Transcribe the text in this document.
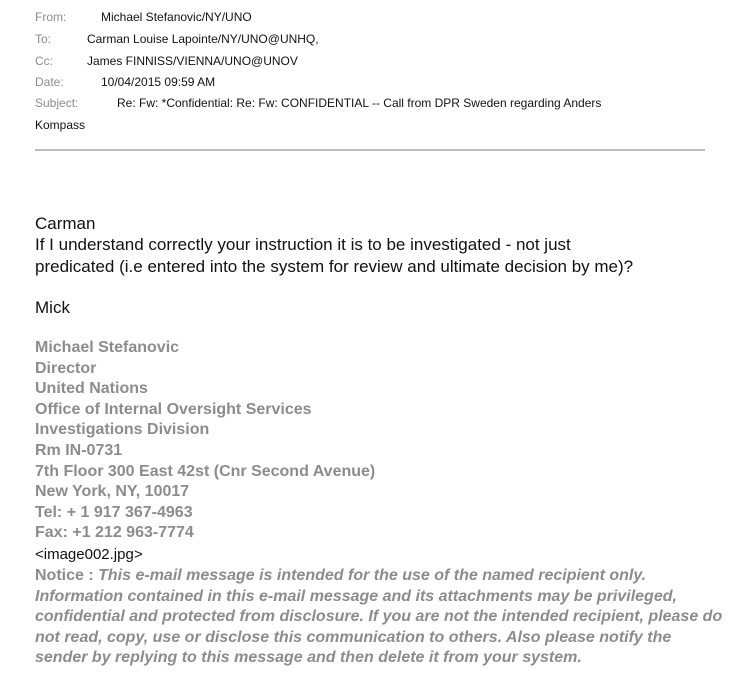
From:	Michael Stefanovic/NY/UNO
To:	Carman Louise Lapointe/NY/UNO@UNHQ,
Cc:	James FINNISS/VIENNA/UNO@UNOV
Date:	10/04/2015 09:59 AM
Subject:	Re: Fw: *Confidential: Re: Fw: CONFIDENTIAL -- Call from DPR Sweden regarding Anders
Kompass
Carman
If I understand correctly your instruction it is to be investigated - not just
predicated (i.e entered into the system for review and ultimate decision by me)?
Mick
Michael Stefanovic
Director
United Nations
Office of Internal Oversight Services
Investigations Division
Rm IN-0731
7th Floor 300 East 42st (Cnr Second Avenue)
New York, NY, 10017
Tel: + 1 917 367-4963
Fax: +1 212 963-7774
<image002.jpg>
Notice : This e-mail message is intended for the use of the named recipient only. Information contained in this e-mail message and its attachments may be privileged, confidential and protected from disclosure. If you are not the intended recipient, please do not read, copy, use or disclose this communication to others. Also please notify the sender by replying to this message and then delete it from your system.
